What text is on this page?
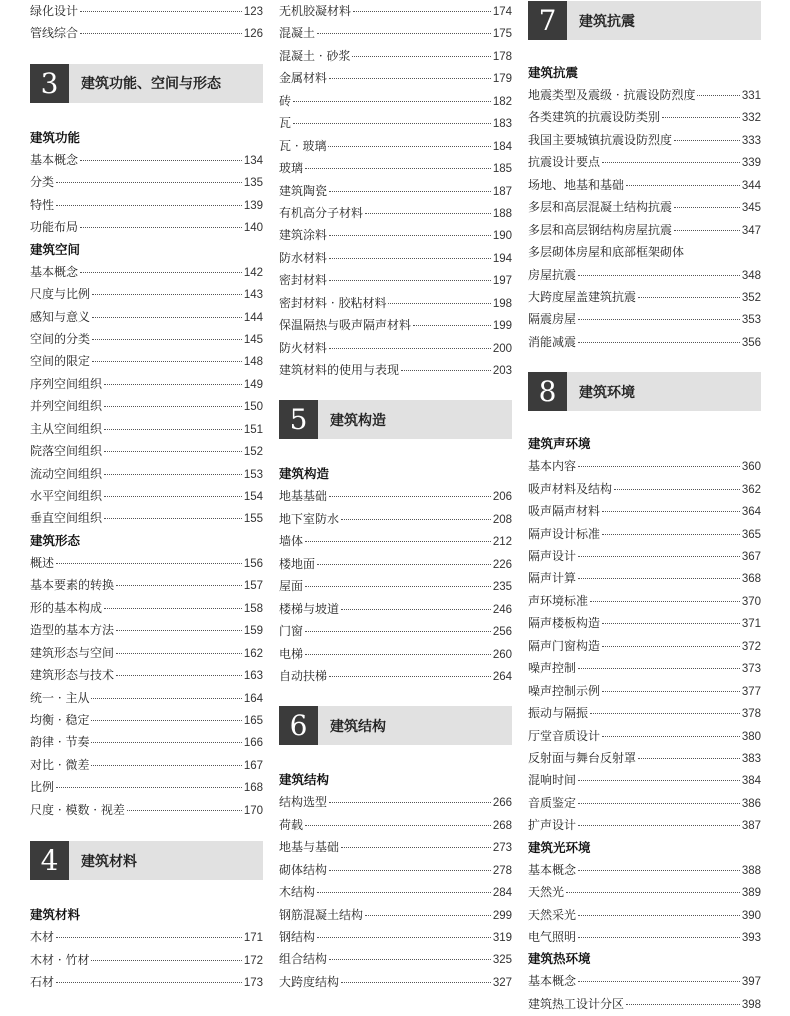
绿化设计	123
管线综合	126
3	建筑功能、空间与形态
建筑功能
基本概念	134
分类	135
特性	139
功能布局	140
建筑空间
基本概念	142
尺度与比例	143
感知与意义	144
空间的分类	145
空间的限定	148
序列空间组织	149
并列空间组织	150
主从空间组织	151
院落空间组织	152
流动空间组织	153
水平空间组织	154
垂直空间组织	155
建筑形态
概述	156
基本要素的转换	157
形的基本构成	158
造型的基本方法	159
建筑形态与空间	162
建筑形态与技术	163
统一 · 主从	164
均衡 · 稳定	165
韵律 · 节奏	166
对比 · 微差	167
比例	168
尺度 · 模数 · 视差	170
4	建筑材料
建筑材料
木材	171
木材 · 竹材	172
石材	173
无机胶凝材料	174
混凝土	175
混凝土 · 砂浆	178
金属材料	179
砖	182
瓦	183
瓦 · 玻璃	184
玻璃	185
建筑陶瓷	187
有机高分子材料	188
建筑涂料	190
防水材料	194
密封材料	197
密封材料 · 胶粘材料	198
保温隔热与吸声隔声材料	199
防火材料	200
建筑材料的使用与表现	203
5	建筑构造
建筑构造
地基基础	206
地下室防水	208
墙体	212
楼地面	226
屋面	235
楼梯与坡道	246
门窗	256
电梯	260
自动扶梯	264
6	建筑结构
建筑结构
结构选型	266
荷载	268
地基与基础	273
砌体结构	278
木结构	284
钢筋混凝土结构	299
钢结构	319
组合结构	325
大跨度结构	327
7	建筑抗震
建筑抗震
地震类型及震级 · 抗震设防烈度	331
各类建筑的抗震设防类别	332
我国主要城镇抗震设防烈度	333
抗震设计要点	339
场地、地基和基础	344
多层和高层混凝土结构抗震	345
多层和高层钢结构房屋抗震	347
多层砌体房屋和底部框架砌体
房屋抗震	348
大跨度屋盖建筑抗震	352
隔震房屋	353
消能减震	356
8	建筑环境
建筑声环境
基本内容	360
吸声材料及结构	362
吸声隔声材料	364
隔声设计标准	365
隔声设计	367
隔声计算	368
声环境标准	370
隔声楼板构造	371
隔声门窗构造	372
噪声控制	373
噪声控制示例	377
振动与隔振	378
厅堂音质设计	380
反射面与舞台反射罩	383
混响时间	384
音质鉴定	386
扩声设计	387
建筑光环境
基本概念	388
天然光	389
天然采光	390
电气照明	393
建筑热环境
基本概念	397
建筑热工设计分区	398
